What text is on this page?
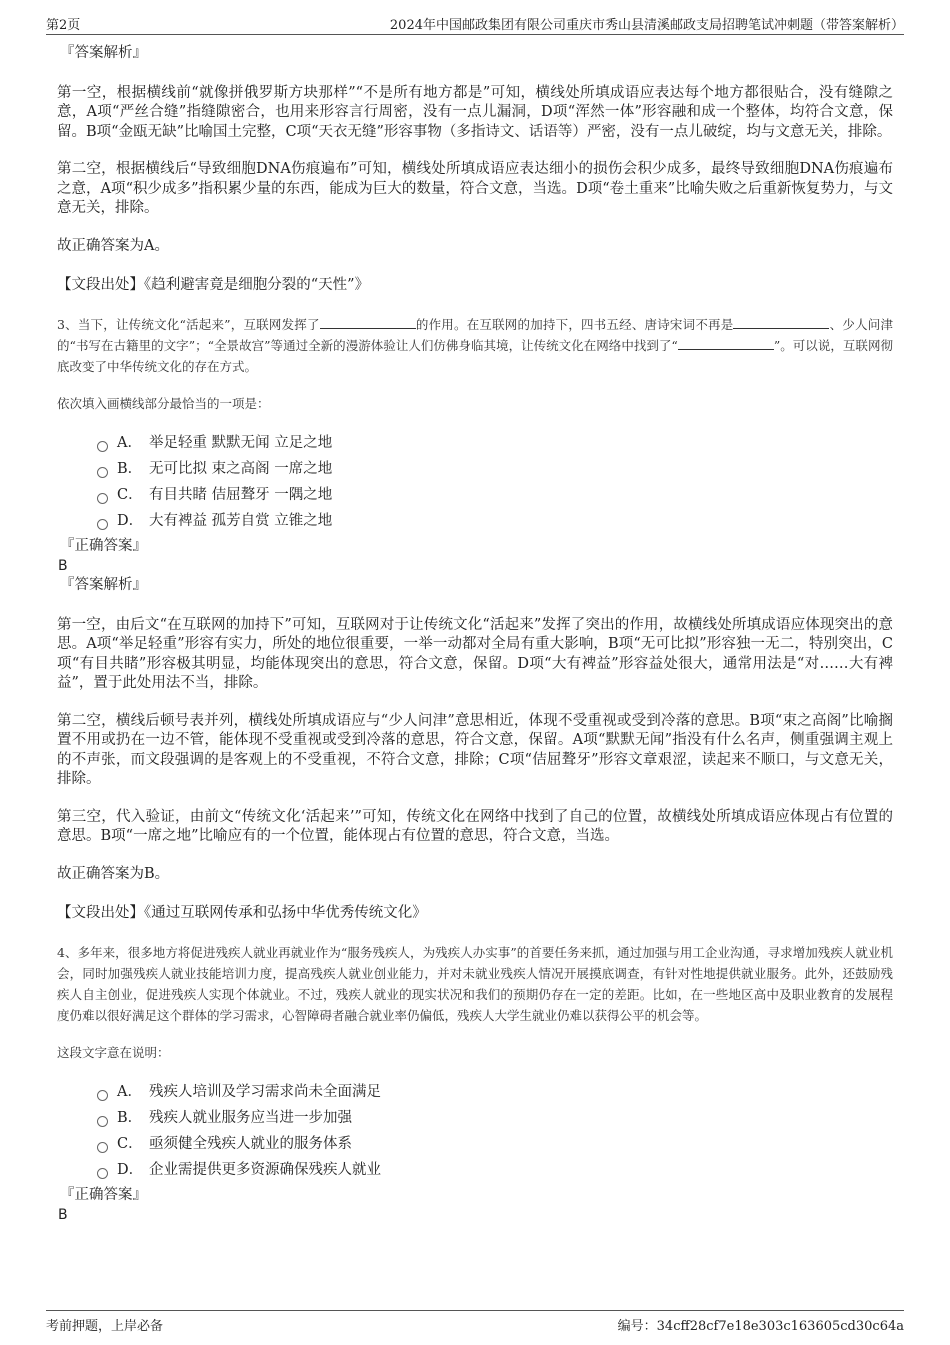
第2页	2024年中国邮政集团有限公司重庆市秀山县清溪邮政支局招聘笔试冲刺题（带答案解析）
『答案解析』
第一空，根据横线前“就像拼俄罗斯方块那样”“不是所有地方都是”可知，横线处所填成语应表达每个地方都很贴合，没有缝隙之意，A项“严丝合缝”指缝隙密合，也用来形容言行周密，没有一点儿漏洞，D项“浑然一体”形容融和成一个整体，均符合文意，保留。B项“金瓯无缺”比喻国土完整，C项“天衣无缝”形容事物（多指诗文、话语等）严密，没有一点儿破绽，均与文意无关，排除。
第二空，根据横线后“导致细胞DNA伤痕遍布”可知，横线处所填成语应表达细小的损伤会积少成多，最终导致细胞DNA伤痕遍布之意，A项“积少成多”指积累少量的东西，能成为巨大的数量，符合文意，当选。D项“卷土重来”比喻失败之后重新恢复势力，与文意无关，排除。
故正确答案为A。
【文段出处】《趋利避害竟是细胞分裂的“天性”》
3、当下，让传统文化“活起来”，互联网发挥了	的作用。在互联网的加持下，四书五经、唐诗宋词不再是	、少人问津的“书写在古籍里的文字”；“全景故宫”等通过全新的漫游体验让人们仿佛身临其境，让传统文化在网络中找到了“	”。可以说，互联网彻底改变了中华传统文化的存在方式。
依次填入画横线部分最恰当的一项是：
A． 举足轻重 默默无闻 立足之地
B． 无可比拟 束之高阁 一席之地
C． 有目共睹 佶屈聱牙 一隅之地
D． 大有裨益 孤芳自赏 立锥之地
『正确答案』
B
『答案解析』
第一空，由后文“在互联网的加持下”可知，互联网对于让传统文化“活起来”发挥了突出的作用，故横线处所填成语应体现突出的意思。A项“举足轻重”形容有实力，所处的地位很重要，一举一动都对全局有重大影响，B项“无可比拟”形容独一无二，特别突出，C项“有目共睹”形容极其明显，均能体现突出的意思，符合文意，保留。D项“大有裨益”形容益处很大，通常用法是“对……大有裨益”，置于此处用法不当，排除。
第二空，横线后顿号表并列，横线处所填成语应与“少人问津”意思相近，体现不受重视或受到冷落的意思。B项“束之高阁”比喻搁置不用或扔在一边不管，能体现不受重视或受到冷落的意思，符合文意，保留。A项“默默无闻”指没有什么名声，侧重强调主观上的不声张，而文段强调的是客观上的不受重视，不符合文意，排除；C项“佶屈聱牙”形容文章艰涩，读起来不顺口，与文意无关，排除。
第三空，代入验证，由前文“传统文化‘活起来’”可知，传统文化在网络中找到了自己的位置，故横线处所填成语应体现占有位置的意思。B项“一席之地”比喻应有的一个位置，能体现占有位置的意思，符合文意，当选。
故正确答案为B。
【文段出处】《通过互联网传承和弘扬中华优秀传统文化》
4、多年来，很多地方将促进残疾人就业再就业作为“服务残疾人，为残疾人办实事”的首要任务来抓，通过加强与用工企业沟通，寻求增加残疾人就业机会，同时加强残疾人就业技能培训力度，提高残疾人就业创业能力，并对未就业残疾人情况开展摸底调查，有针对性地提供就业服务。此外，还鼓励残疾人自主创业，促进残疾人实现个体就业。不过，残疾人就业的现实状况和我们的预期仍存在一定的差距。比如，在一些地区高中及职业教育的发展程度仍难以很好满足这个群体的学习需求，心智障碍者融合就业率仍偏低，残疾人大学生就业仍难以获得公平的机会等。
这段文字意在说明：
A． 残疾人培训及学习需求尚未全面满足
B． 残疾人就业服务应当进一步加强
C． 亟须健全残疾人就业的服务体系
D． 企业需提供更多资源确保残疾人就业
『正确答案』
B
考前押题，上岸必备	编号：34cff28cf7e18e303c163605cd30c64a
